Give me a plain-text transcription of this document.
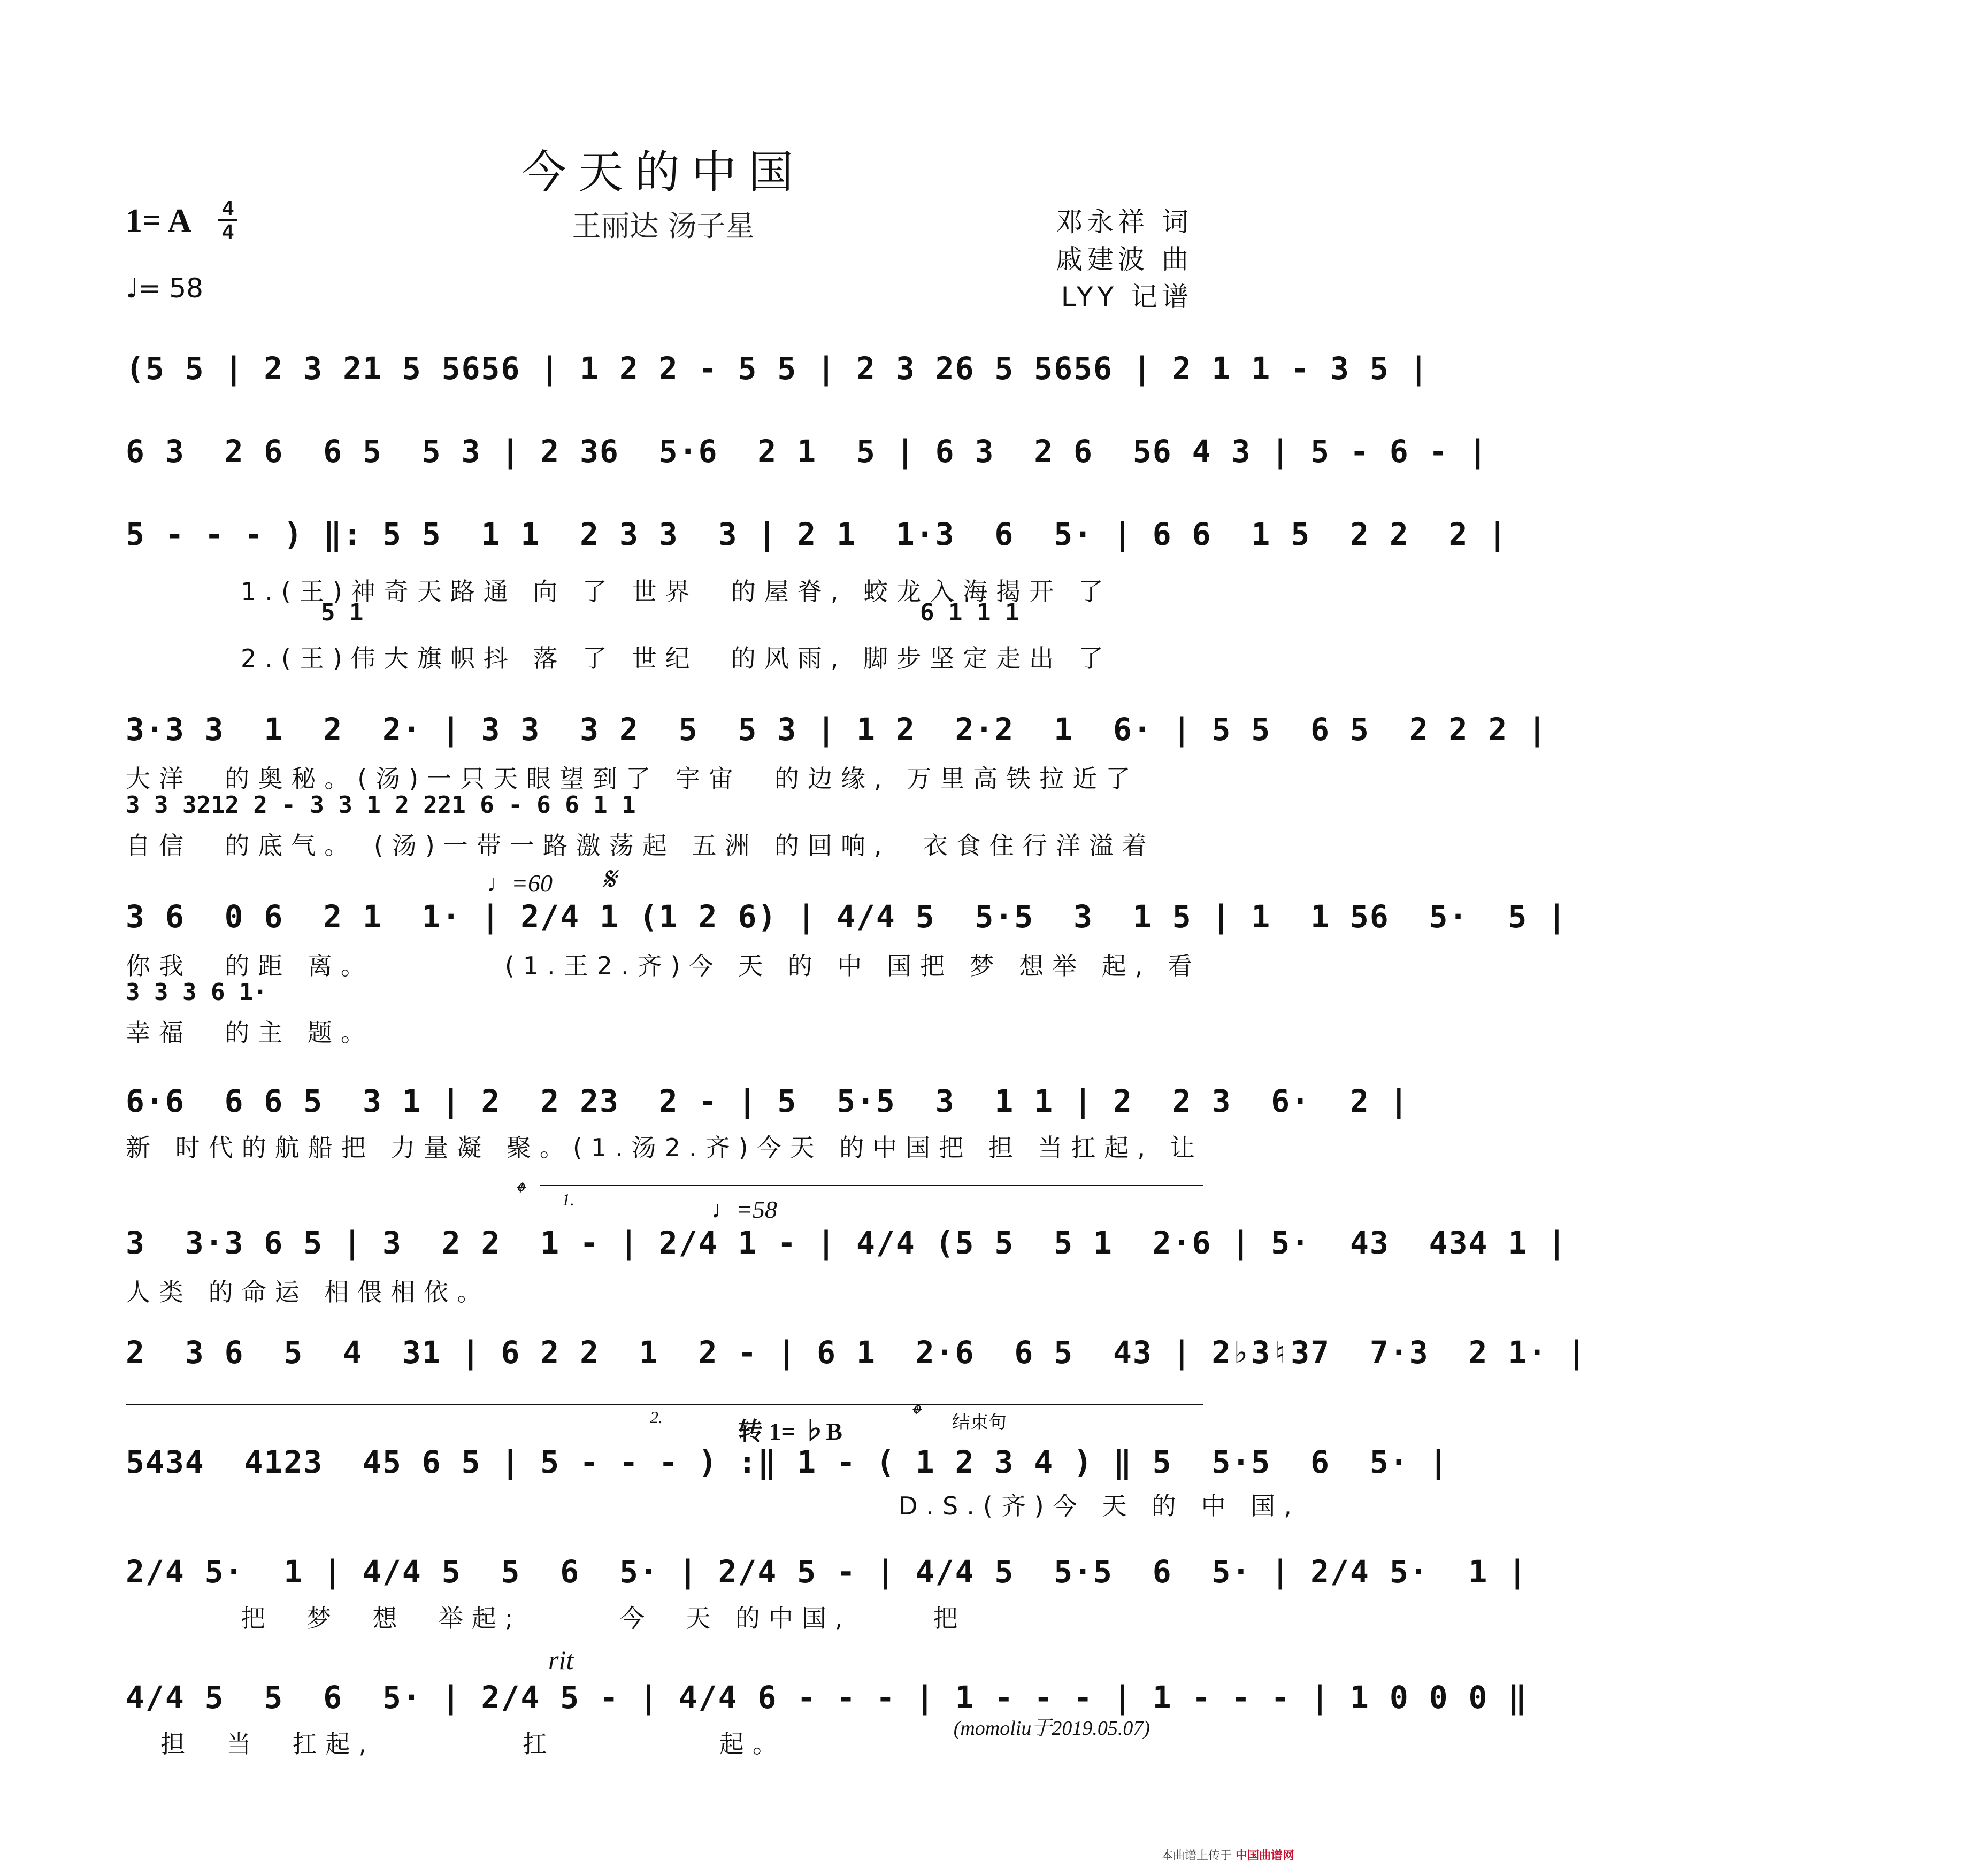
今天的中国
王丽达 汤子星
1= A 4
4
♩= 58
邓永祥 词
戚建波 曲
LYY 记谱
(5 5 | 2 3 21 5 5656 | 1 2 2 - 5 5 | 2 3 26 5 5656 | 2 1 1 - 3 5 |
6 3  2 6  6 5  5 3 | 2 36  5·6  2 1  5 | 6 3  2 6  56 4 3 | 5 - 6 - |
5 - - - ) ‖: 5 5  1 1  2 3 3  3 | 2 1  1·3  6  5· | 6 6  1 5  2 2  2 |
1.(王)神奇天路通 向 了 世界  的屋脊, 蛟龙入海揭开 了
5 1	6 1 1 1
2.(王)伟大旗帜抖 落 了 世纪  的风雨, 脚步坚定走出 了
3·3 3  1  2  2· | 3 3  3 2  5  5 3 | 1 2  2·2  1  6· | 5 5  6 5  2 2 2 |
大洋  的奥秘。(汤)一只天眼望到了 宇宙  的边缘, 万里高铁拉近了
3 3 3212 2 - 3 3 1 2 221 6 - 6 6 1 1
自信  的底气。 (汤)一带一路激荡起 五洲 的回响,  衣食住行洋溢着
♩=60 𝄋
3 6  0 6  2 1  1· | 2/4 1 (1 2 6) | 4/4 5  5·5  3  1 5 | 1  1 56  5·  5 |
你我  的距 离。        (1.王2.齐)今 天 的 中 国把 梦 想举 起, 看
3 3 3 6 1·
幸福  的主 题。
6·6  6 6 5  3 1 | 2  2 23  2 - | 5  5·5  3  1 1 | 2  2 3  6·  2 |
新 时代的航船把 力量凝 聚。(1.汤2.齐)今天 的中国把 担 当扛起, 让
𝄌 1.	♩=58
3  3·3 6 5 | 3  2 2  1 - | 2/4 1 - | 4/4 (5 5  5 1  2·6 | 5·  43  434 1 |
人类 的命运 相偎相依。
2  3 6  5  4  31 | 6 2 2  1  2 - | 6 1  2·6  6 5  43 | 2♭3♮37  7·3  2 1· |
2.
转 1= ♭B
𝄌 结束句
5434  4123  45 6 5 | 5 - - - ) :‖ 1 - ( 1 2 3 4 ) ‖ 5  5·5  6  5· |
D.S.(齐)今 天 的 中 国,
2/4 5·  1 | 4/4 5  5  6  5· | 2/4 5 - | 4/4 5  5·5  6  5· | 2/4 5·  1 |
把  梦  想  举起;      今  天 的中国,     把
rit
4/4 5  5  6  5· | 2/4 5 - | 4/4 6 - - - | 1 - - - | 1 - - - | 1 0 0 0 ‖
担  当  扛起,         扛          起。
(momoliu于2019.05.07)
本曲谱上传于 中国曲谱网
